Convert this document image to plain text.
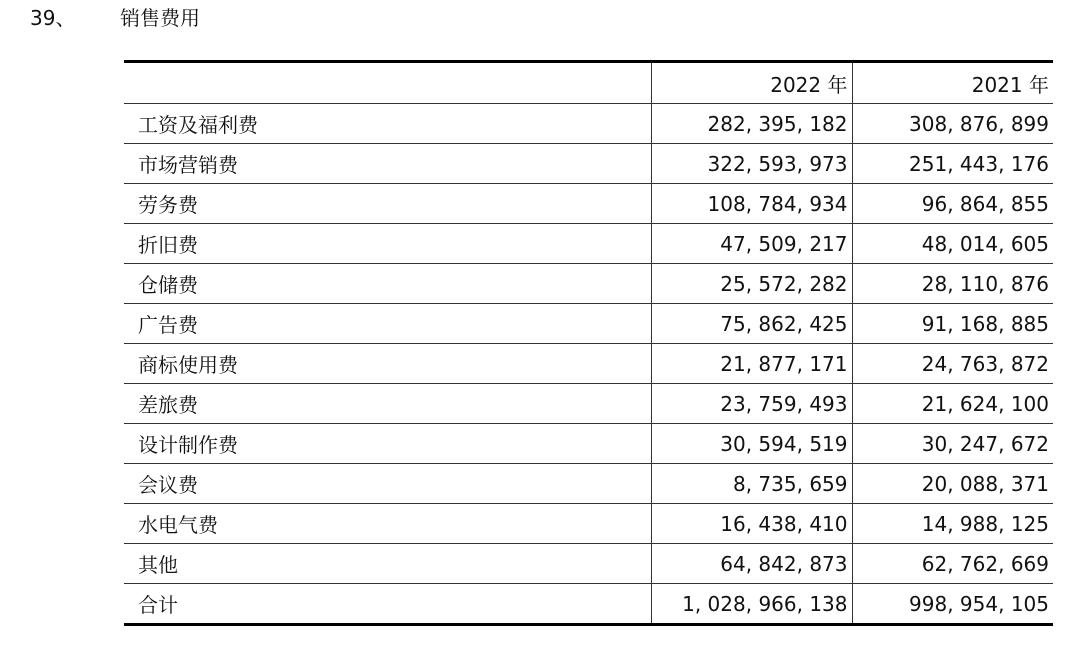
39、 销售费用
	2022 年	2021 年
工资及福利费	282, 395, 182	308, 876, 899
市场营销费	322, 593, 973	251, 443, 176
劳务费	108, 784, 934	96, 864, 855
折旧费	47, 509, 217	48, 014, 605
仓储费	25, 572, 282	28, 110, 876
广告费	75, 862, 425	91, 168, 885
商标使用费	21, 877, 171	24, 763, 872
差旅费	23, 759, 493	21, 624, 100
设计制作费	30, 594, 519	30, 247, 672
会议费	8, 735, 659	20, 088, 371
水电气费	16, 438, 410	14, 988, 125
其他	64, 842, 873	62, 762, 669
合计	1, 028, 966, 138	998, 954, 105
